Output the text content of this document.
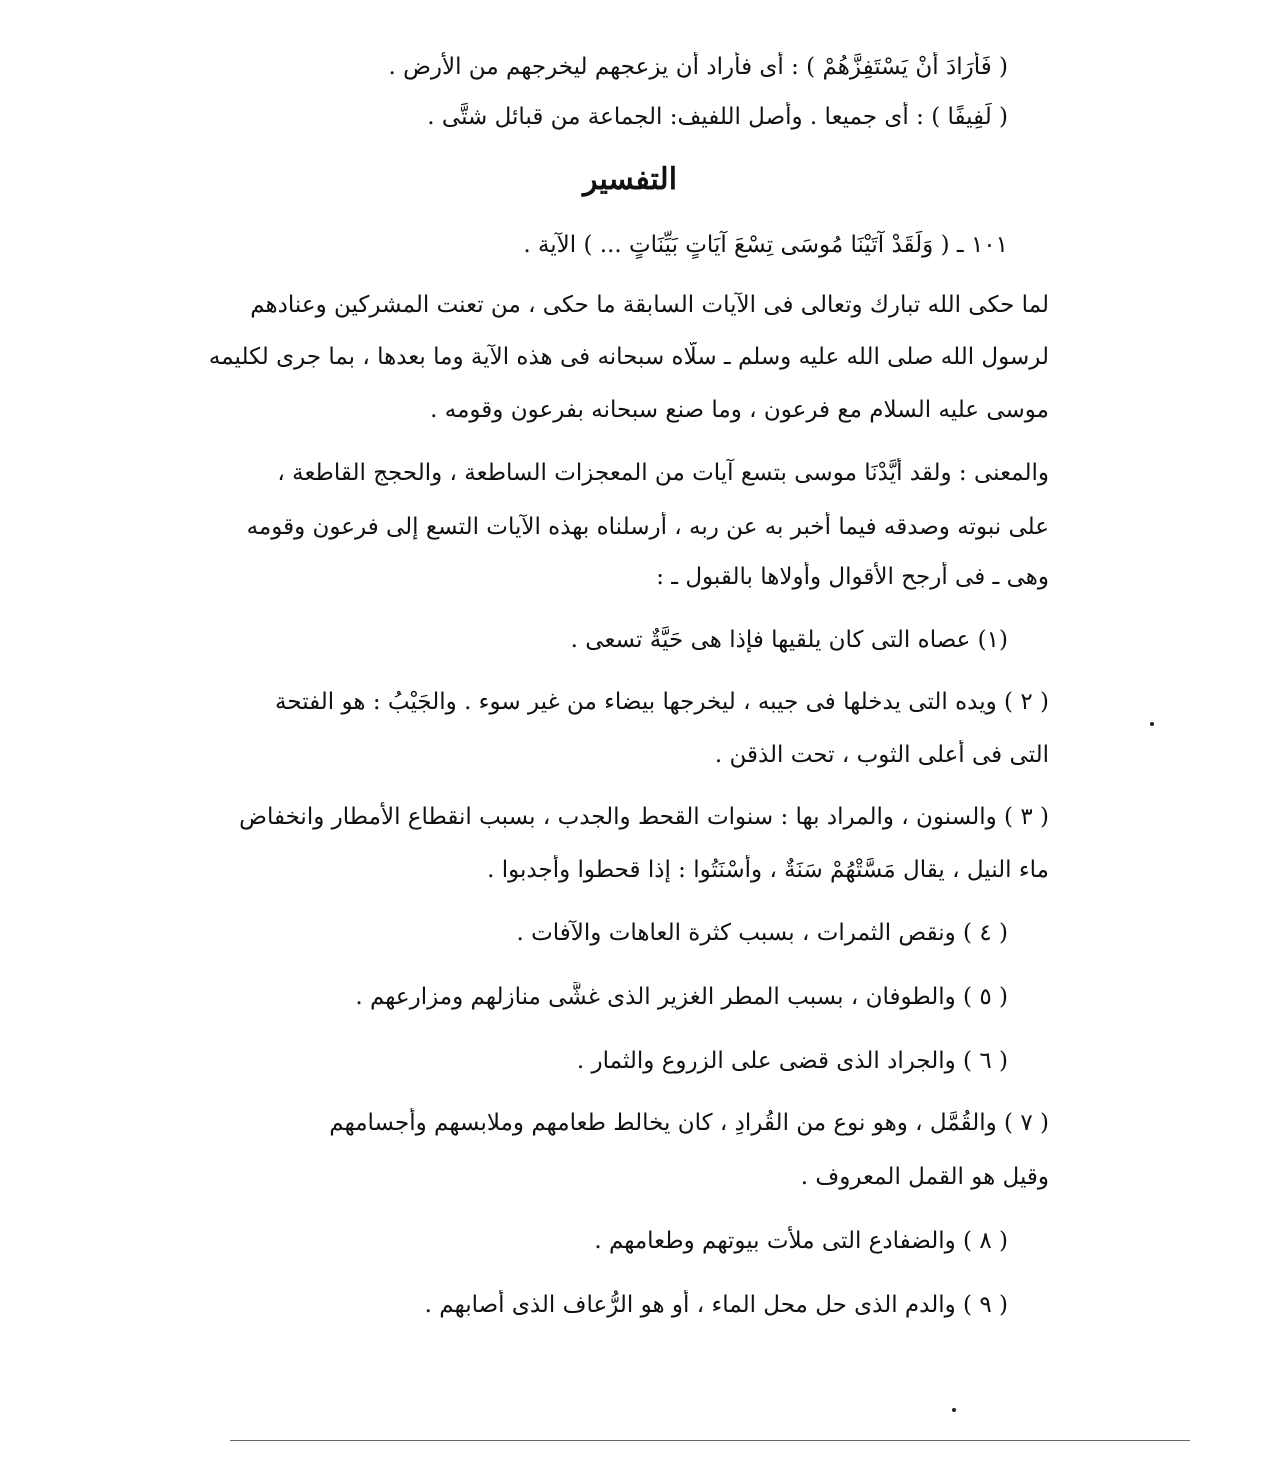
( فَأَرَادَ أَنْ يَسْتَفِزَّهُمْ ) : أى فأراد أن يزعجهم ليخرجهم من الأرض .
( لَفِيفًا ) : أى جميعا . وأصل اللفيف: الجماعة من قبائل شتَّى .
التفسير
١٠١ ـ ( وَلَقَدْ آتَيْنَا مُوسَى تِسْعَ آيَاتٍ بَيِّنَاتٍ ... ) الآية .
لما حكى الله تبارك وتعالى فى الآيات السابقة ما حكى ، من تعنت المشركين وعنادهم
لرسول الله صلى الله عليه وسلم ـ سلَّاه سبحانه فى هذه الآية وما بعدها ، بما جرى لكليمه
موسى عليه السلام مع فرعون ، وما صنع سبحانه بفرعون وقومه .
والمعنى : ولقد أيَّدْنَا موسى بتسع آيات من المعجزات الساطعة ، والحجج القاطعة ،
على نبوته وصدقه فيما أخبر به عن ربه ، أرسلناه بهذه الآيات التسع إلى فرعون وقومه
وهى ـ فى أرجح الأقوال وأولاها بالقبول ـ :
(١) عصاه التى كان يلقيها فإذا هى حَيَّةٌ تسعى .
( ٢ ) ويده التى يدخلها فى جيبه ، ليخرجها بيضاء من غير سوء . والجَيْبُ : هو الفتحة
التى فى أعلى الثوب ، تحت الذقن .
( ٣ ) والسنون ، والمراد بها : سنوات القحط والجدب ، بسبب انقطاع الأمطار وانخفاض
ماء النيل ، يقال مَسَّتْهُمْ سَنَةٌ ، وأَسْنَتُوا : إذا قحطوا وأجدبوا .
( ٤ ) ونقص الثمرات ، بسبب كثرة العاهات والآفات .
( ٥ ) والطوفان ، بسبب المطر الغزير الذى غشَّى منازلهم ومزارعهم .
( ٦ ) والجراد الذى قضى على الزروع والثمار .
( ٧ ) والقُمَّل ، وهو نوع من القُرادِ ، كان يخالط طعامهم وملابسهم وأجسامهم
وقيل هو القمل المعروف .
( ٨ ) والضفادع التى ملأت بيوتهم وطعامهم .
( ٩ ) والدم الذى حل محل الماء ، أو هو الرُّعاف الذى أصابهم .
